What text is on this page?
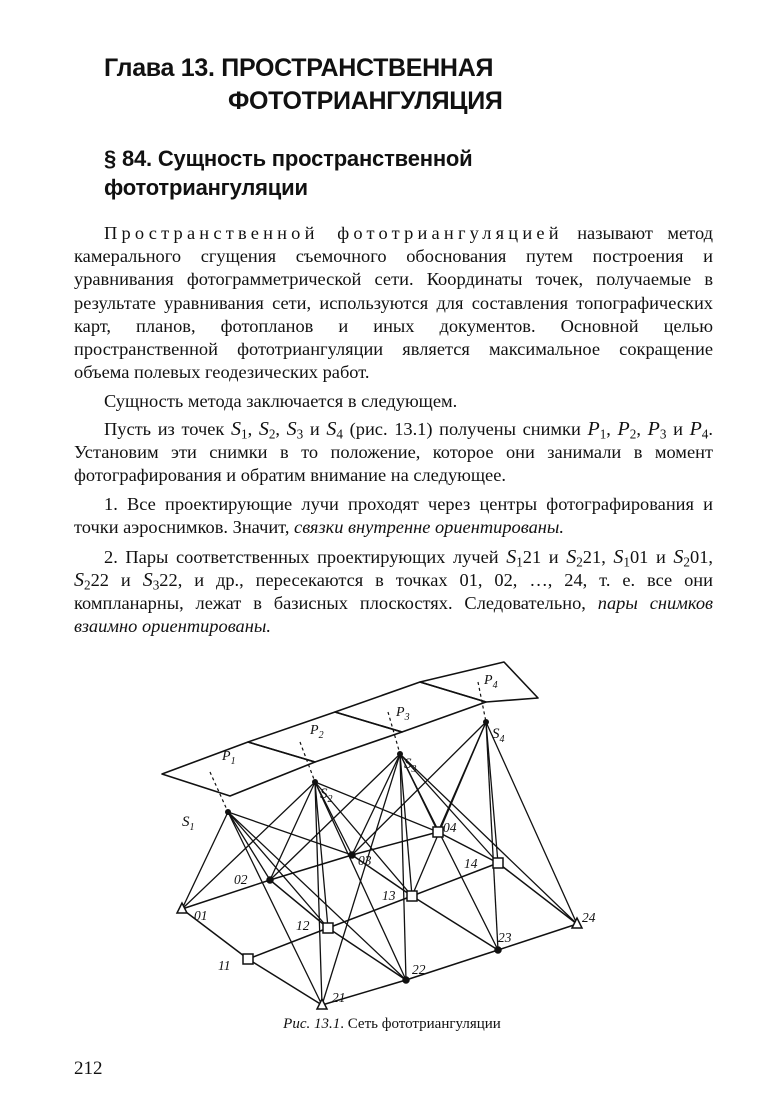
Глава 13. ПРОСТРАНСТВЕННАЯ
ФОТОТРИАНГУЛЯЦИЯ
§ 84. Сущность пространственной
фототриангуляции

Пространственной фототриангуляцией называют метод камерального сгущения съемочного обоснования путем построения и уравнивания фотограмметрической сети. Координаты точек, получаемые в результате уравнивания сети, используются для составления топографических карт, планов, фотопланов и иных документов. Основной целью пространственной фототриангуляции является максимальное сокращение объема полевых геодезических работ.

Сущность метода заключается в следующем.

Пусть из точек $S_1$, $S_2$, $S_3$ и $S_4$ (рис. 13.1) получены снимки $P_1$, $P_2$, $P_3$ и $P_4$. Установим эти снимки в то положение, которое они занимали в момент фотографирования и обратим внимание на следующее.

1. Все проектирующие лучи проходят через центры фотографирования и точки аэроснимков. Значит, связки внутренне ориентированы.

2. Пары соответственных проектирующих лучей $S_121$ и $S_221$, $S_101$ и $S_201$, $S_222$ и $S_322$, и др., пересекаются в точках 01, 02, …, 24, т. е. все они компланарны, лежат в базисных плоскостях. Следовательно, пары снимков взаимно ориентированы.

$P_1$
$P_2$
$P_3$
$P_4$
$S_1$
$S_2$
$S_3$
$S_4$
01
02
03
04
11
12
13
14
21
22
23
24
Рис. 13.1. Сеть фототриангуляции
212
